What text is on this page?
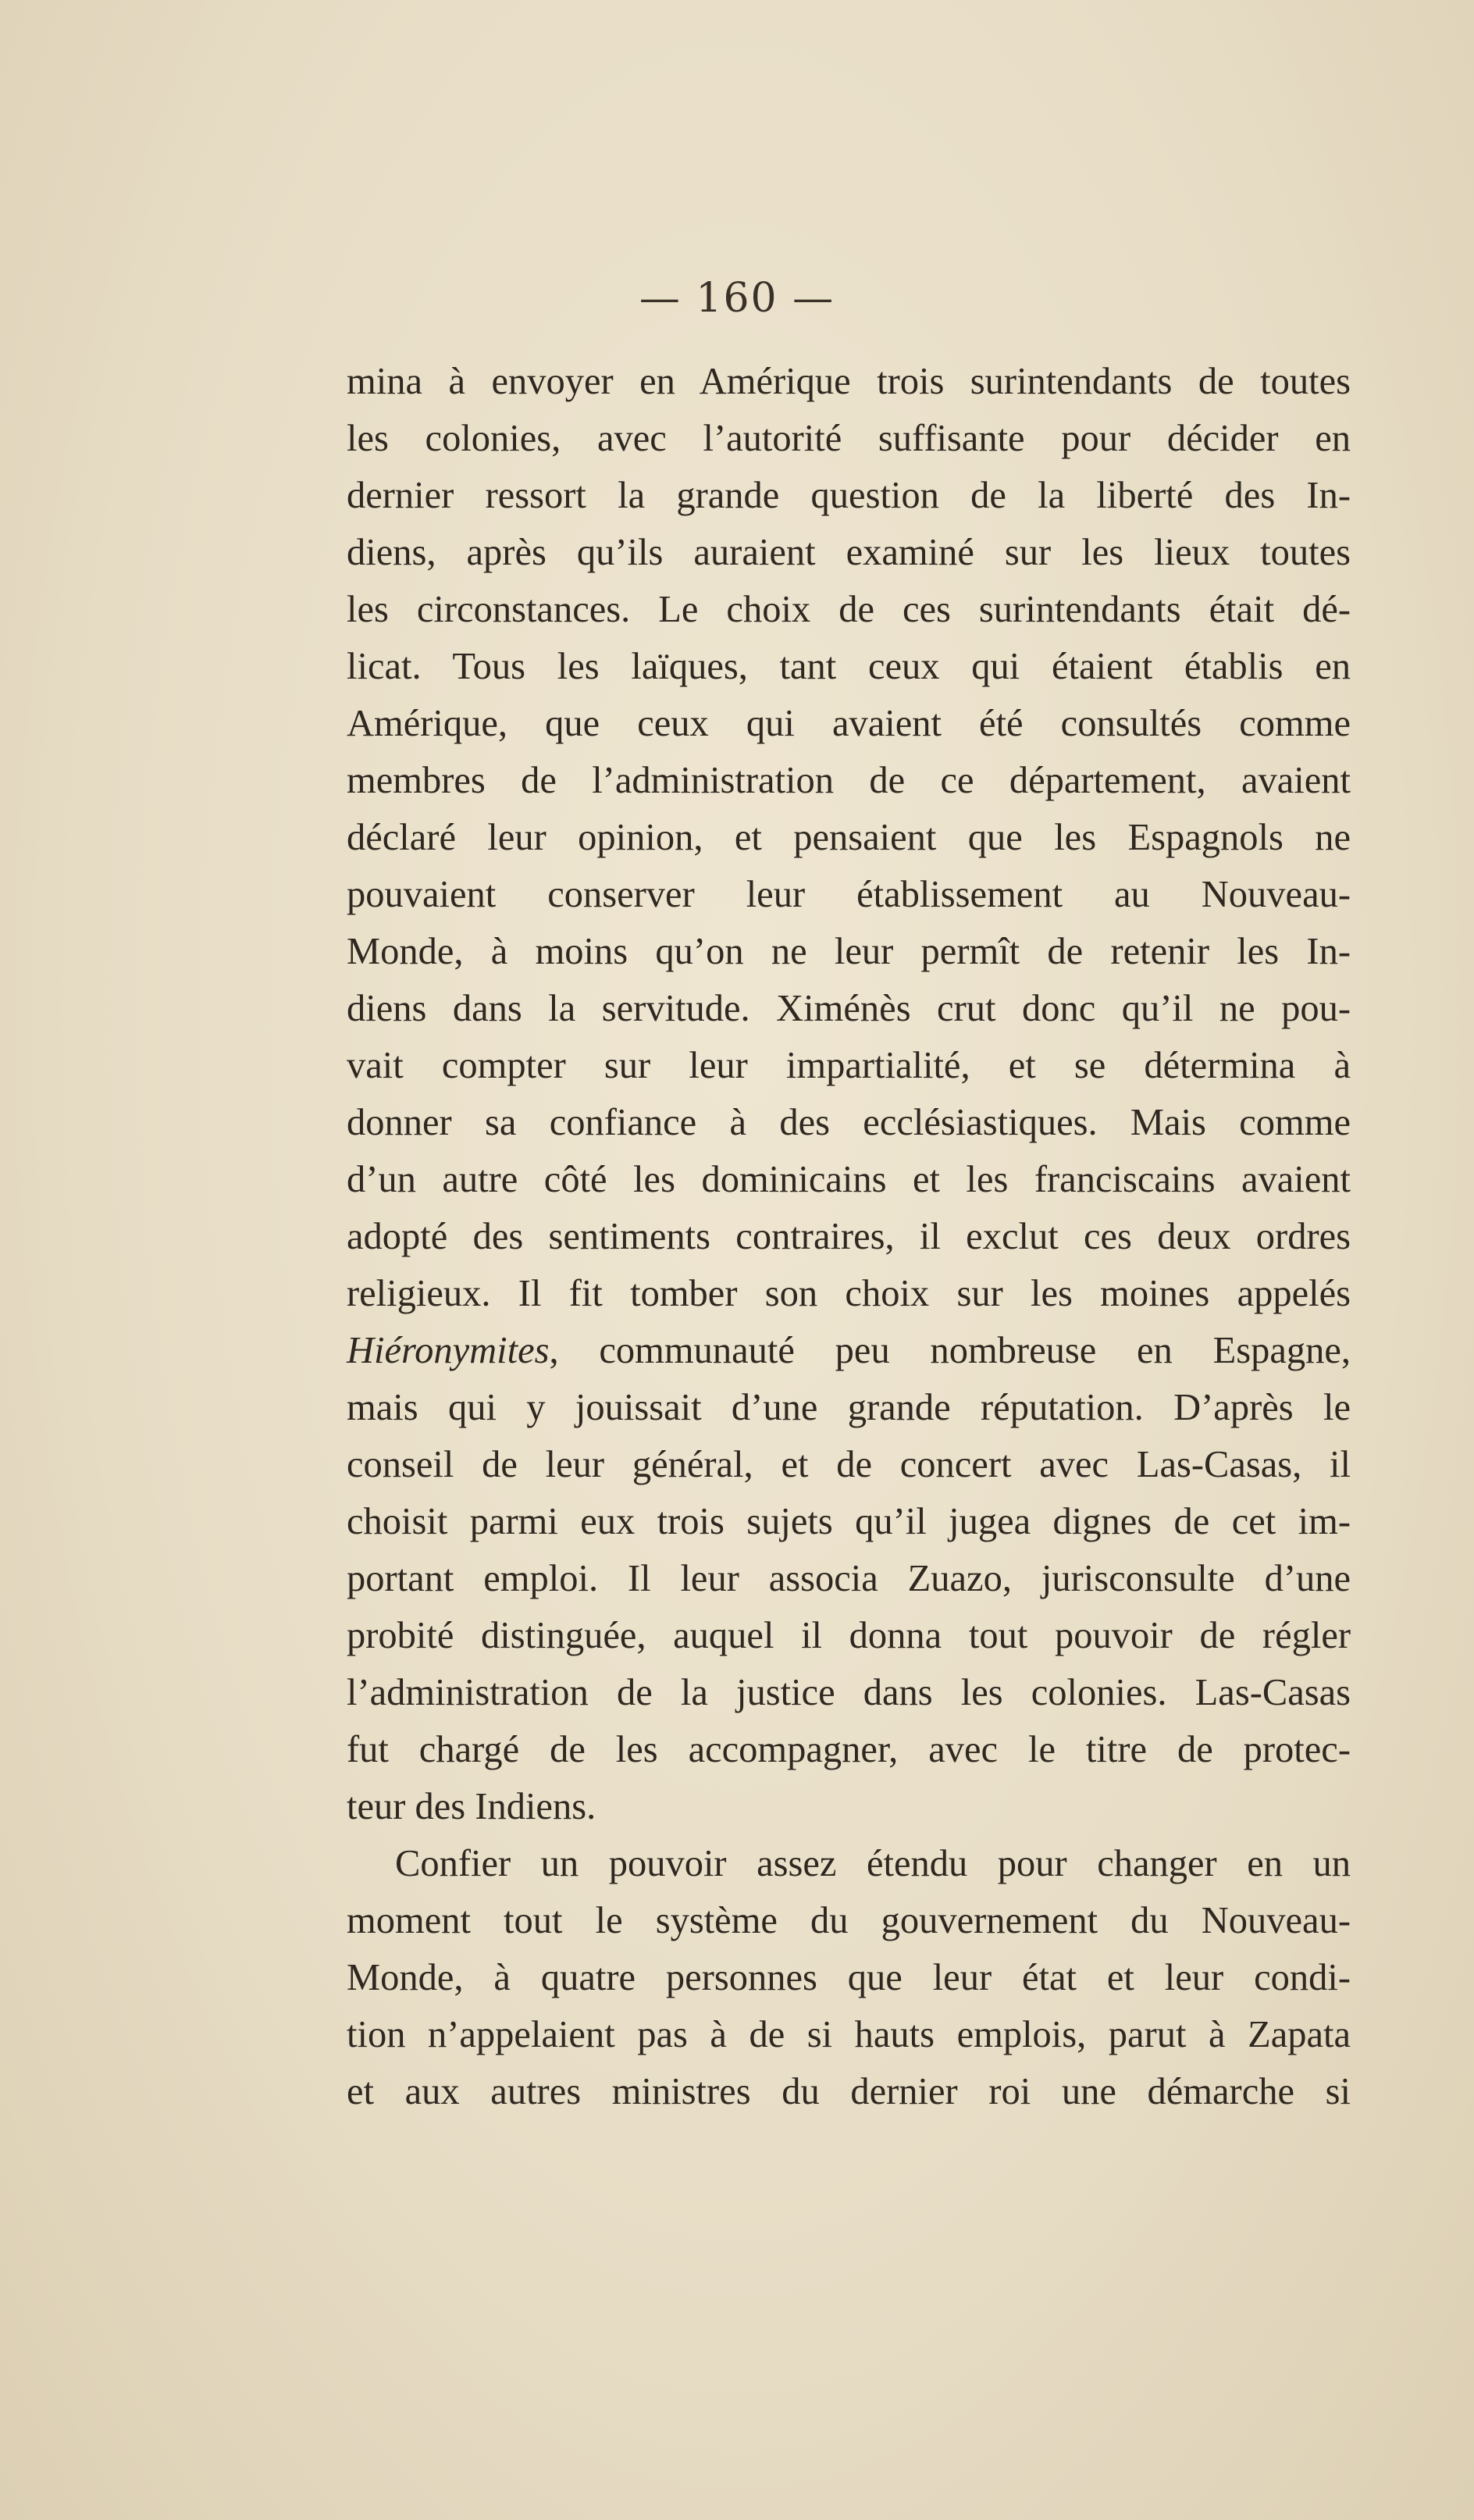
— 160 —
mina à envoyer en Amérique trois surintendants de toutes
les colonies, avec l’autorité suffisante pour décider en
dernier ressort la grande question de la liberté des In-
diens, après qu’ils auraient examiné sur les lieux toutes
les circonstances. Le choix de ces surintendants était dé-
licat. Tous les laïques, tant ceux qui étaient établis en
Amérique, que ceux qui avaient été consultés comme
membres de l’administration de ce département, avaient
déclaré leur opinion, et pensaient que les Espagnols ne
pouvaient conserver leur établissement au Nouveau-
Monde, à moins qu’on ne leur permît de retenir les In-
diens dans la servitude. Ximénès crut donc qu’il ne pou-
vait compter sur leur impartialité, et se détermina à
donner sa confiance à des ecclésiastiques. Mais comme
d’un autre côté les dominicains et les franciscains avaient
adopté des sentiments contraires, il exclut ces deux ordres
religieux. Il fit tomber son choix sur les moines appelés
Hiéronymites, communauté peu nombreuse en Espagne,
mais qui y jouissait d’une grande réputation. D’après le
conseil de leur général, et de concert avec Las-Casas, il
choisit parmi eux trois sujets qu’il jugea dignes de cet im-
portant emploi. Il leur associa Zuazo, jurisconsulte d’une
probité distinguée, auquel il donna tout pouvoir de régler
l’administration de la justice dans les colonies. Las-Casas
fut chargé de les accompagner, avec le titre de protec-
teur des Indiens.
Confier un pouvoir assez étendu pour changer en un
moment tout le système du gouvernement du Nouveau-
Monde, à quatre personnes que leur état et leur condi-
tion n’appelaient pas à de si hauts emplois, parut à Zapata
et aux autres ministres du dernier roi une démarche si
